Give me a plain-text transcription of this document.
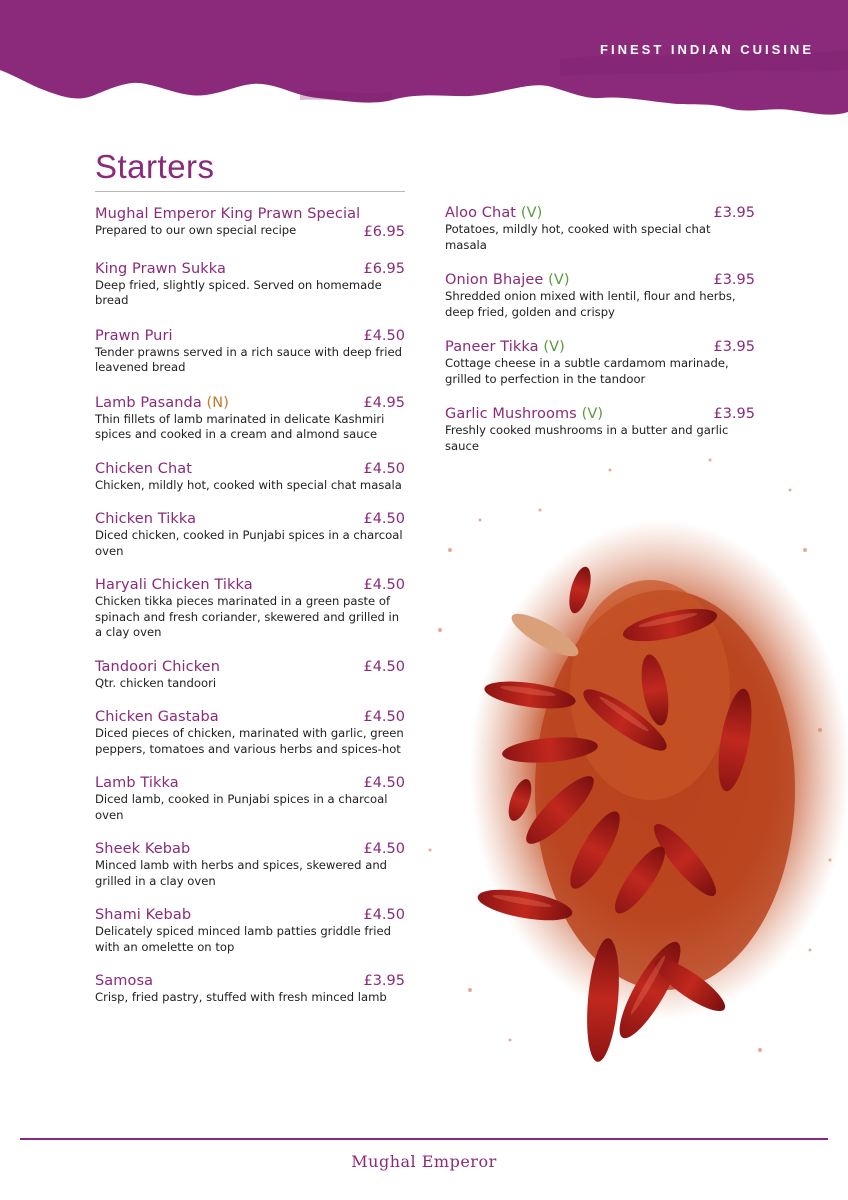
FINEST INDIAN CUISINE
Starters
Mughal Emperor King Prawn Special
£6.95
Prepared to our own special recipe
King Prawn Sukka	£6.95
Deep fried, slightly spiced. Served on homemade bread
Prawn Puri	£4.50
Tender prawns served in a rich sauce with deep fried leavened bread
Lamb Pasanda (N)	£4.95
Thin fillets of lamb marinated in delicate Kashmiri spices and cooked in a cream and almond sauce
Chicken Chat	£4.50
Chicken, mildly hot, cooked with special chat masala
Chicken Tikka	£4.50
Diced chicken, cooked in Punjabi spices in a charcoal oven
Haryali Chicken Tikka	£4.50
Chicken tikka pieces marinated in a green paste of spinach and fresh coriander, skewered and grilled in a clay oven
Tandoori Chicken	£4.50
Qtr. chicken tandoori
Chicken Gastaba	£4.50
Diced pieces of chicken, marinated with garlic, green peppers, tomatoes and various herbs and spices-hot
Lamb Tikka	£4.50
Diced lamb, cooked in Punjabi spices in a charcoal oven
Sheek Kebab	£4.50
Minced lamb with herbs and spices, skewered and grilled in a clay oven
Shami Kebab	£4.50
Delicately spiced minced lamb patties griddle fried with an omelette on top
Samosa	£3.95
Crisp, fried pastry, stuffed with fresh minced lamb
Aloo Chat (V)	£3.95
Potatoes, mildly hot, cooked with special chat masala
Onion Bhajee (V)	£3.95
Shredded onion mixed with lentil, flour and herbs, deep fried, golden and crispy
Paneer Tikka (V)	£3.95
Cottage cheese in a subtle cardamom marinade, grilled to perfection in the tandoor
Garlic Mushrooms (V)	£3.95
Freshly cooked mushrooms in a butter and garlic sauce
Mughal Emperor
